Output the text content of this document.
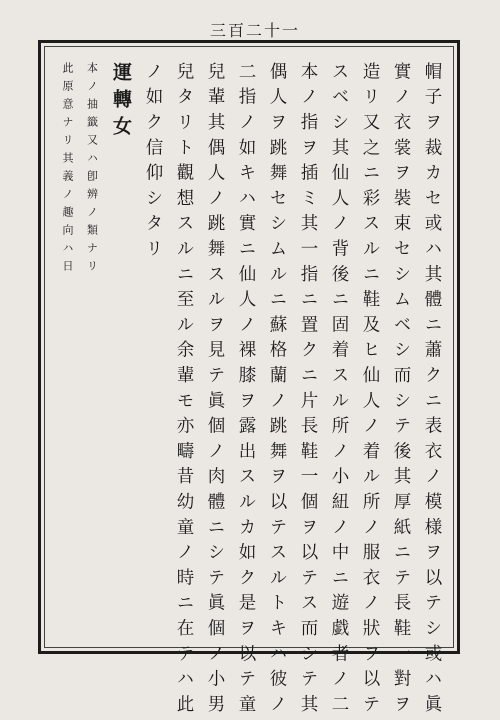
三百二十一
帽子ヲ裁カセ或ハ其體ニ蕭クニ表衣ノ模様ヲ以テシ或ハ眞
實ノ衣裳ヲ裝束セシムベシ而シテ後其厚紙ニテ長鞋一對ヲ
造リ又之ニ彩スルニ鞋及ヒ仙人ノ着ル所ノ服衣ノ狀ヲ以テ
スベシ其仙人ノ背後ニ固着スル所ノ小紐ノ中ニ遊戯者ノ二
本ノ指ヲ插ミ其一指ニ置クニ片長鞋一個ヲ以テス而シテ其
偶人ヲ跳舞セシムルニ蘇格蘭ノ跳舞ヲ以テスルトキハ彼ノ
二指ノ如キハ實ニ仙人ノ裸膝ヲ露出スルカ如ク是ヲ以テ童
兒輩其偶人ノ跳舞スルヲ見テ眞個ノ肉體ニシテ眞個ノ小男
兒タリト觀想スルニ至ル余輩モ亦疇昔幼童ノ時ニ在テハ此
ノ如ク信仰シタリ
運轉女
本ノ抽籤又ハ卽辨ノ類ナリ
此原意ナリ其義ノ趣向ハ日
